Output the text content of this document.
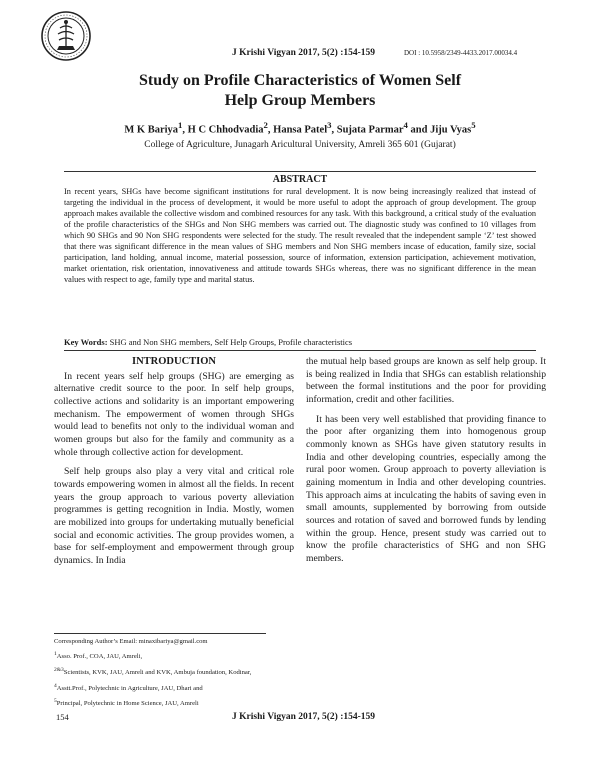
J Krishi Vigyan 2017, 5(2) :154-159	DOI : 10.5958/2349-4433.2017.00034.4
Study on Profile Characteristics of Women Self
Help Group Members
M K Bariya$^1$, H C Chhodvadia$^2$, Hansa Patel$^3$, Sujata Parmar$^4$ and Jiju Vyas$^5$
College of Agriculture, Junagarh Aricultural University, Amreli 365 601 (Gujarat)
ABSTRACT
In recent years, SHGs have become significant institutions for rural development. It is now being increasingly realized that instead of targeting the individual in the process of development, it would be more useful to adopt the approach of group development. The group approach makes available the collective wisdom and combined resources for any task. With this background, a critical study of the evaluation of the profile characteristics of the SHGs and Non SHG members was carried out. The diagnostic study was confined to 10 villages from which 90 SHGs and 90 Non SHG respondents were selected for the study. The result revealed that the independent sample ‘Z’ test showed that there was significant difference in the mean values of SHG members and Non SHG members incase of education, family size, social participation, land holding, annual income, material possession, source of information, extension participation, achievement motivation, market orientation, risk orientation, innovativeness and attitude towards SHGs whereas, there was no significant difference in the mean values with respect to age, family type and marital status.
Key Words: SHG and Non SHG members, Self Help Groups, Profile characteristics

INTRODUCTION

In recent years self help groups (SHG) are emerging as alternative credit source to the poor. In self help groups, collective actions and solidarity is an important empowering mechanism. The empowerment of women through SHGs would lead to benefits not only to the individual woman and women groups but also for the family and community as a whole through collective action for development.

Self help groups also play a very vital and critical role towards empowering women in almost all the fields. In recent years the group approach to various poverty alleviation programmes is getting recognition in India. Mostly, women are mobilized into groups for undertaking mutually beneficial social and economic activities. The group provides women, a base for self-employment and empowerment through group dynamics. In India

the mutual help based groups are known as self help group. It is being realized in India that SHGs can establish relationship between the formal institutions and the poor for providing information, credit and other facilities.

It has been very well established that providing finance to the poor after organizing them into homogenous group commonly known as SHGs have given statutory results in India and other developing countries, especially among the rural poor women. Group approach to poverty alleviation is gaining momentum in India and other developing countries. This approach aims at inculcating the habits of saving even in small amounts, supplemented by borrowing from outside sources and rotation of saved and borrowed funds by lending within the group. Hence, present study was carried out to know the profile characteristics of SHG and non SHG members.

Corresponding Author’s Email: minaxibariya@gmail.com
$^1$Asso. Prof., COA, JAU, Amreli,
$^{2\&3}$Scientists, KVK, JAU, Amreli and KVK, Ambuja foundation, Kodinar,
$^4$Asstt.Prof., Polytechnic in Agriculture, JAU, Dhari and
$^5$Principal, Polytechnic in Home Science, JAU, Amreli
154	J Krishi Vigyan 2017, 5(2) :154-159
